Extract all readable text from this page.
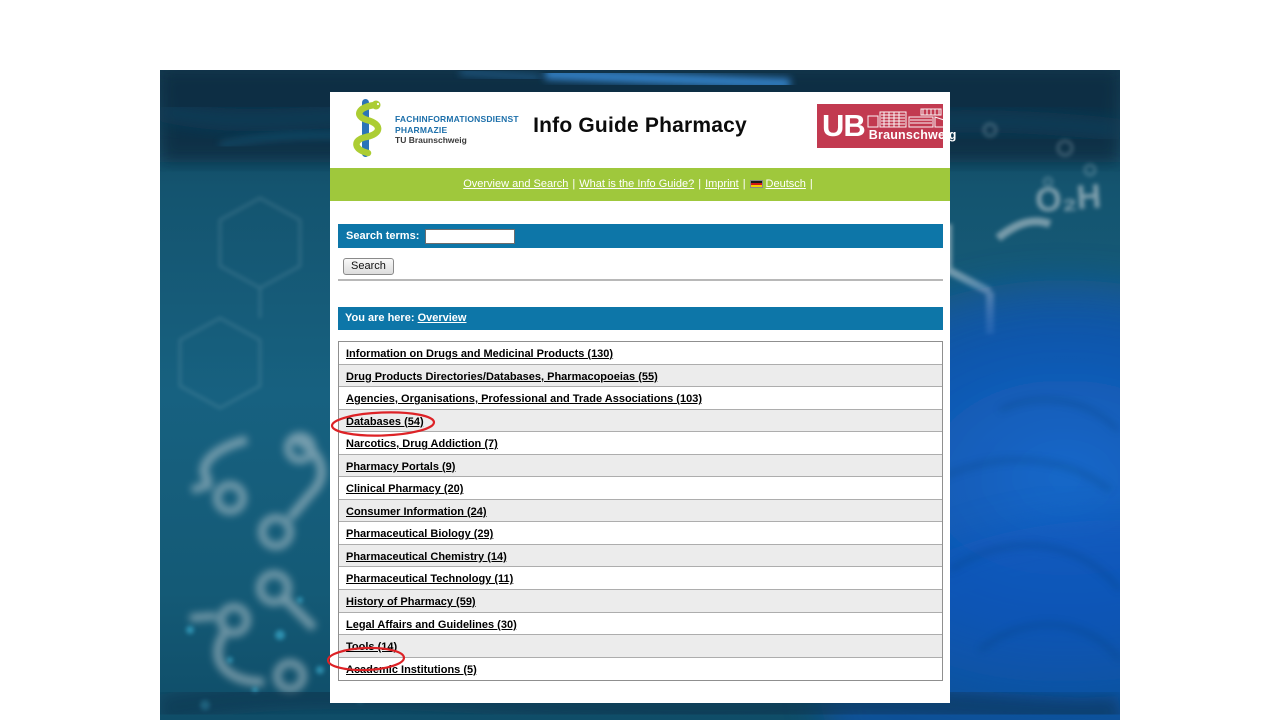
O₂H
FACHINFORMATIONSDIENST
PHARMAZIE
TU Braunschweig
Info Guide Pharmacy	UB Braunschweig
Overview and Search | What is the Info Guide? | Imprint | Deutsch |
Search terms:
Search
You are here: Overview
Information on Drugs and Medicinal Products (130)
Drug Products Directories/Databases, Pharmacopoeias (55)
Agencies, Organisations, Professional and Trade Associations (103)
Databases (54)
Narcotics, Drug Addiction (7)
Pharmacy Portals (9)
Clinical Pharmacy (20)
Consumer Information (24)
Pharmaceutical Biology (29)
Pharmaceutical Chemistry (14)
Pharmaceutical Technology (11)
History of Pharmacy (59)
Legal Affairs and Guidelines (30)
Tools (14)
Academic Institutions (5)
